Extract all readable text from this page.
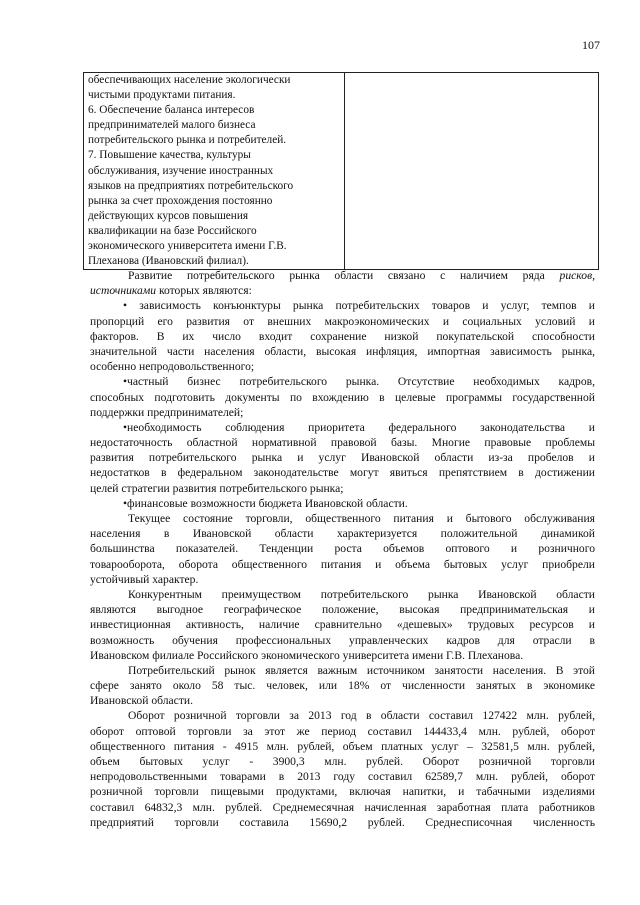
107
обеспечивающих население экологически
чистыми продуктами питания.
6. Обеспечение баланса интересов
предпринимателей малого бизнеса
потребительского рынка и потребителей.
7. Повышение качества, культуры
обслуживания, изучение иностранных
языков на предприятиях потребительского
рынка за счет прохождения постоянно
действующих курсов повышения
квалификации на базе Российского
экономического университета имени Г.В.
Плеханова (Ивановский филиал).

Развитие потребительского рынка области связано с наличием ряда рисков,
источниками которых являются:
• зависимость конъюнктуры рынка потребительских товаров и услуг, темпов и
пропорций его развития от внешних макроэкономических и социальных условий и
факторов. В их число входит сохранение низкой покупательской способности
значительной части населения области, высокая инфляция, импортная зависимость рынка,
особенно непродовольственного;
•частный бизнес потребительского рынка. Отсутствие необходимых кадров,
способных подготовить документы по вхождению в целевые программы государственной
поддержки предпринимателей;
•необходимость соблюдения приоритета федерального законодательства и
недостаточность областной нормативной правовой базы. Многие правовые проблемы
развития потребительского рынка и услуг Ивановской области из-за пробелов и
недостатков в федеральном законодательстве могут явиться препятствием в достижении
целей стратегии развития потребительского рынка;
•финансовые возможности бюджета Ивановской области.
Текущее состояние торговли, общественного питания и бытового обслуживания
населения в Ивановской области характеризуется положительной динамикой
большинства показателей. Тенденции роста объемов оптового и розничного
товарооборота, оборота общественного питания и объема бытовых услуг приобрели
устойчивый характер.
Конкурентным преимуществом потребительского рынка Ивановской области
являются выгодное географическое положение, высокая предпринимательская и
инвестиционная активность, наличие сравнительно «дешевых» трудовых ресурсов и
возможность обучения профессиональных управленческих кадров для отрасли в
Ивановском филиале Российского экономического университета имени Г.В. Плеханова.
Потребительский рынок является важным источником занятости населения. В этой
сфере занято около 58 тыс. человек, или 18% от численности занятых в экономике
Ивановской области.
Оборот розничной торговли за 2013 год в области составил 127422 млн. рублей,
оборот оптовой торговли за этот же период составил 144433,4 млн. рублей, оборот
общественного питания - 4915 млн. рублей, объем платных услуг – 32581,5 млн. рублей,
объем бытовых услуг - 3900,3 млн. рублей. Оборот розничной торговли
непродовольственными товарами в 2013 году составил 62589,7 млн. рублей, оборот
розничной торговли пищевыми продуктами, включая напитки, и табачными изделиями
составил 64832,3 млн. рублей. Среднемесячная начисленная заработная плата работников
предприятий торговли составила 15690,2 рублей. Среднесписочная численность
